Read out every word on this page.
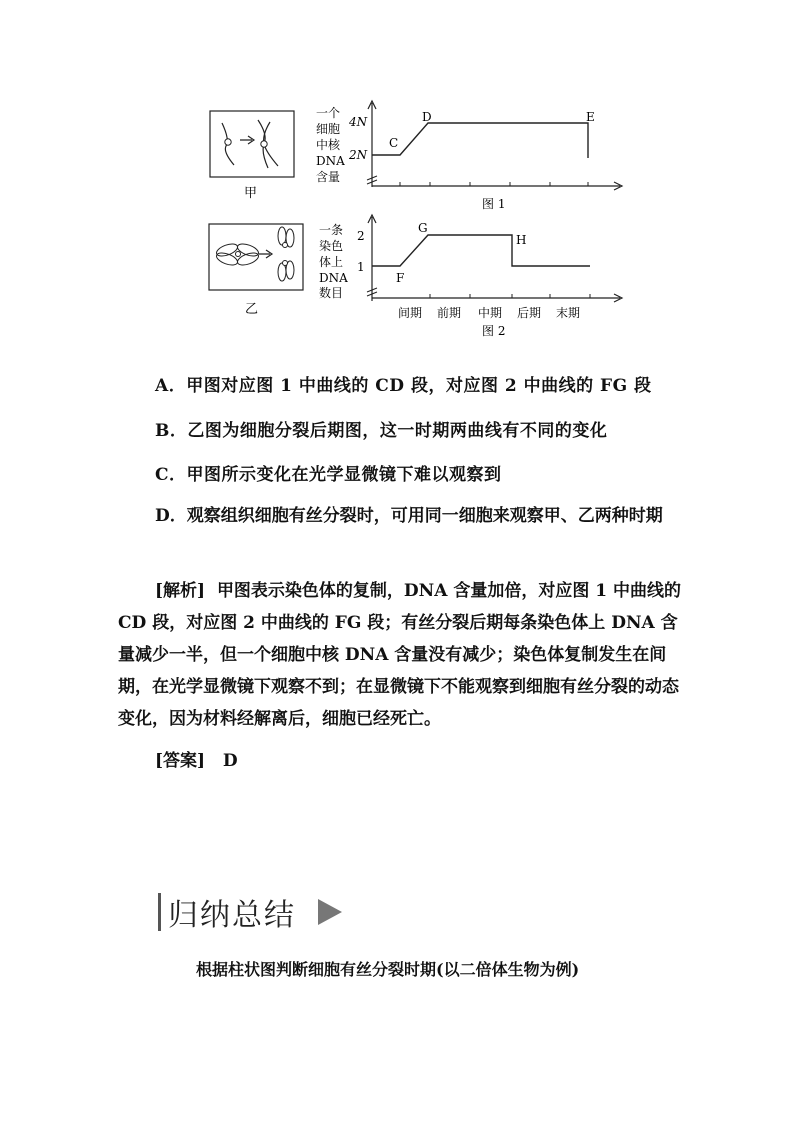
甲
乙
一个
细胞
中核
DNA
含量
4N
2N
C
D	E
图 1
一条
染色
体上
DNA
数目
2
1
F
G
H
间期 前期 中期 后期 末期
图 2
A．甲图对应图 1 中曲线的 CD 段，对应图 2 中曲线的 FG 段
B．乙图为细胞分裂后期图，这一时期两曲线有不同的变化
C．甲图所示变化在光学显微镜下难以观察到
D．观察组织细胞有丝分裂时，可用同一细胞来观察甲、乙两种时期
[解析] 甲图表示染色体的复制，DNA 含量加倍，对应图 1 中曲线的 CD 段，对应图 2 中曲线的 FG 段；有丝分裂后期每条染色体上 DNA 含量减少一半，但一个细胞中核 DNA 含量没有减少；染色体复制发生在间期，在光学显微镜下观察不到；在显微镜下不能观察到细胞有丝分裂的动态变化，因为材料经解离后，细胞已经死亡。
[答案] D
归纳总结
根据柱状图判断细胞有丝分裂时期(以二倍体生物为例)
